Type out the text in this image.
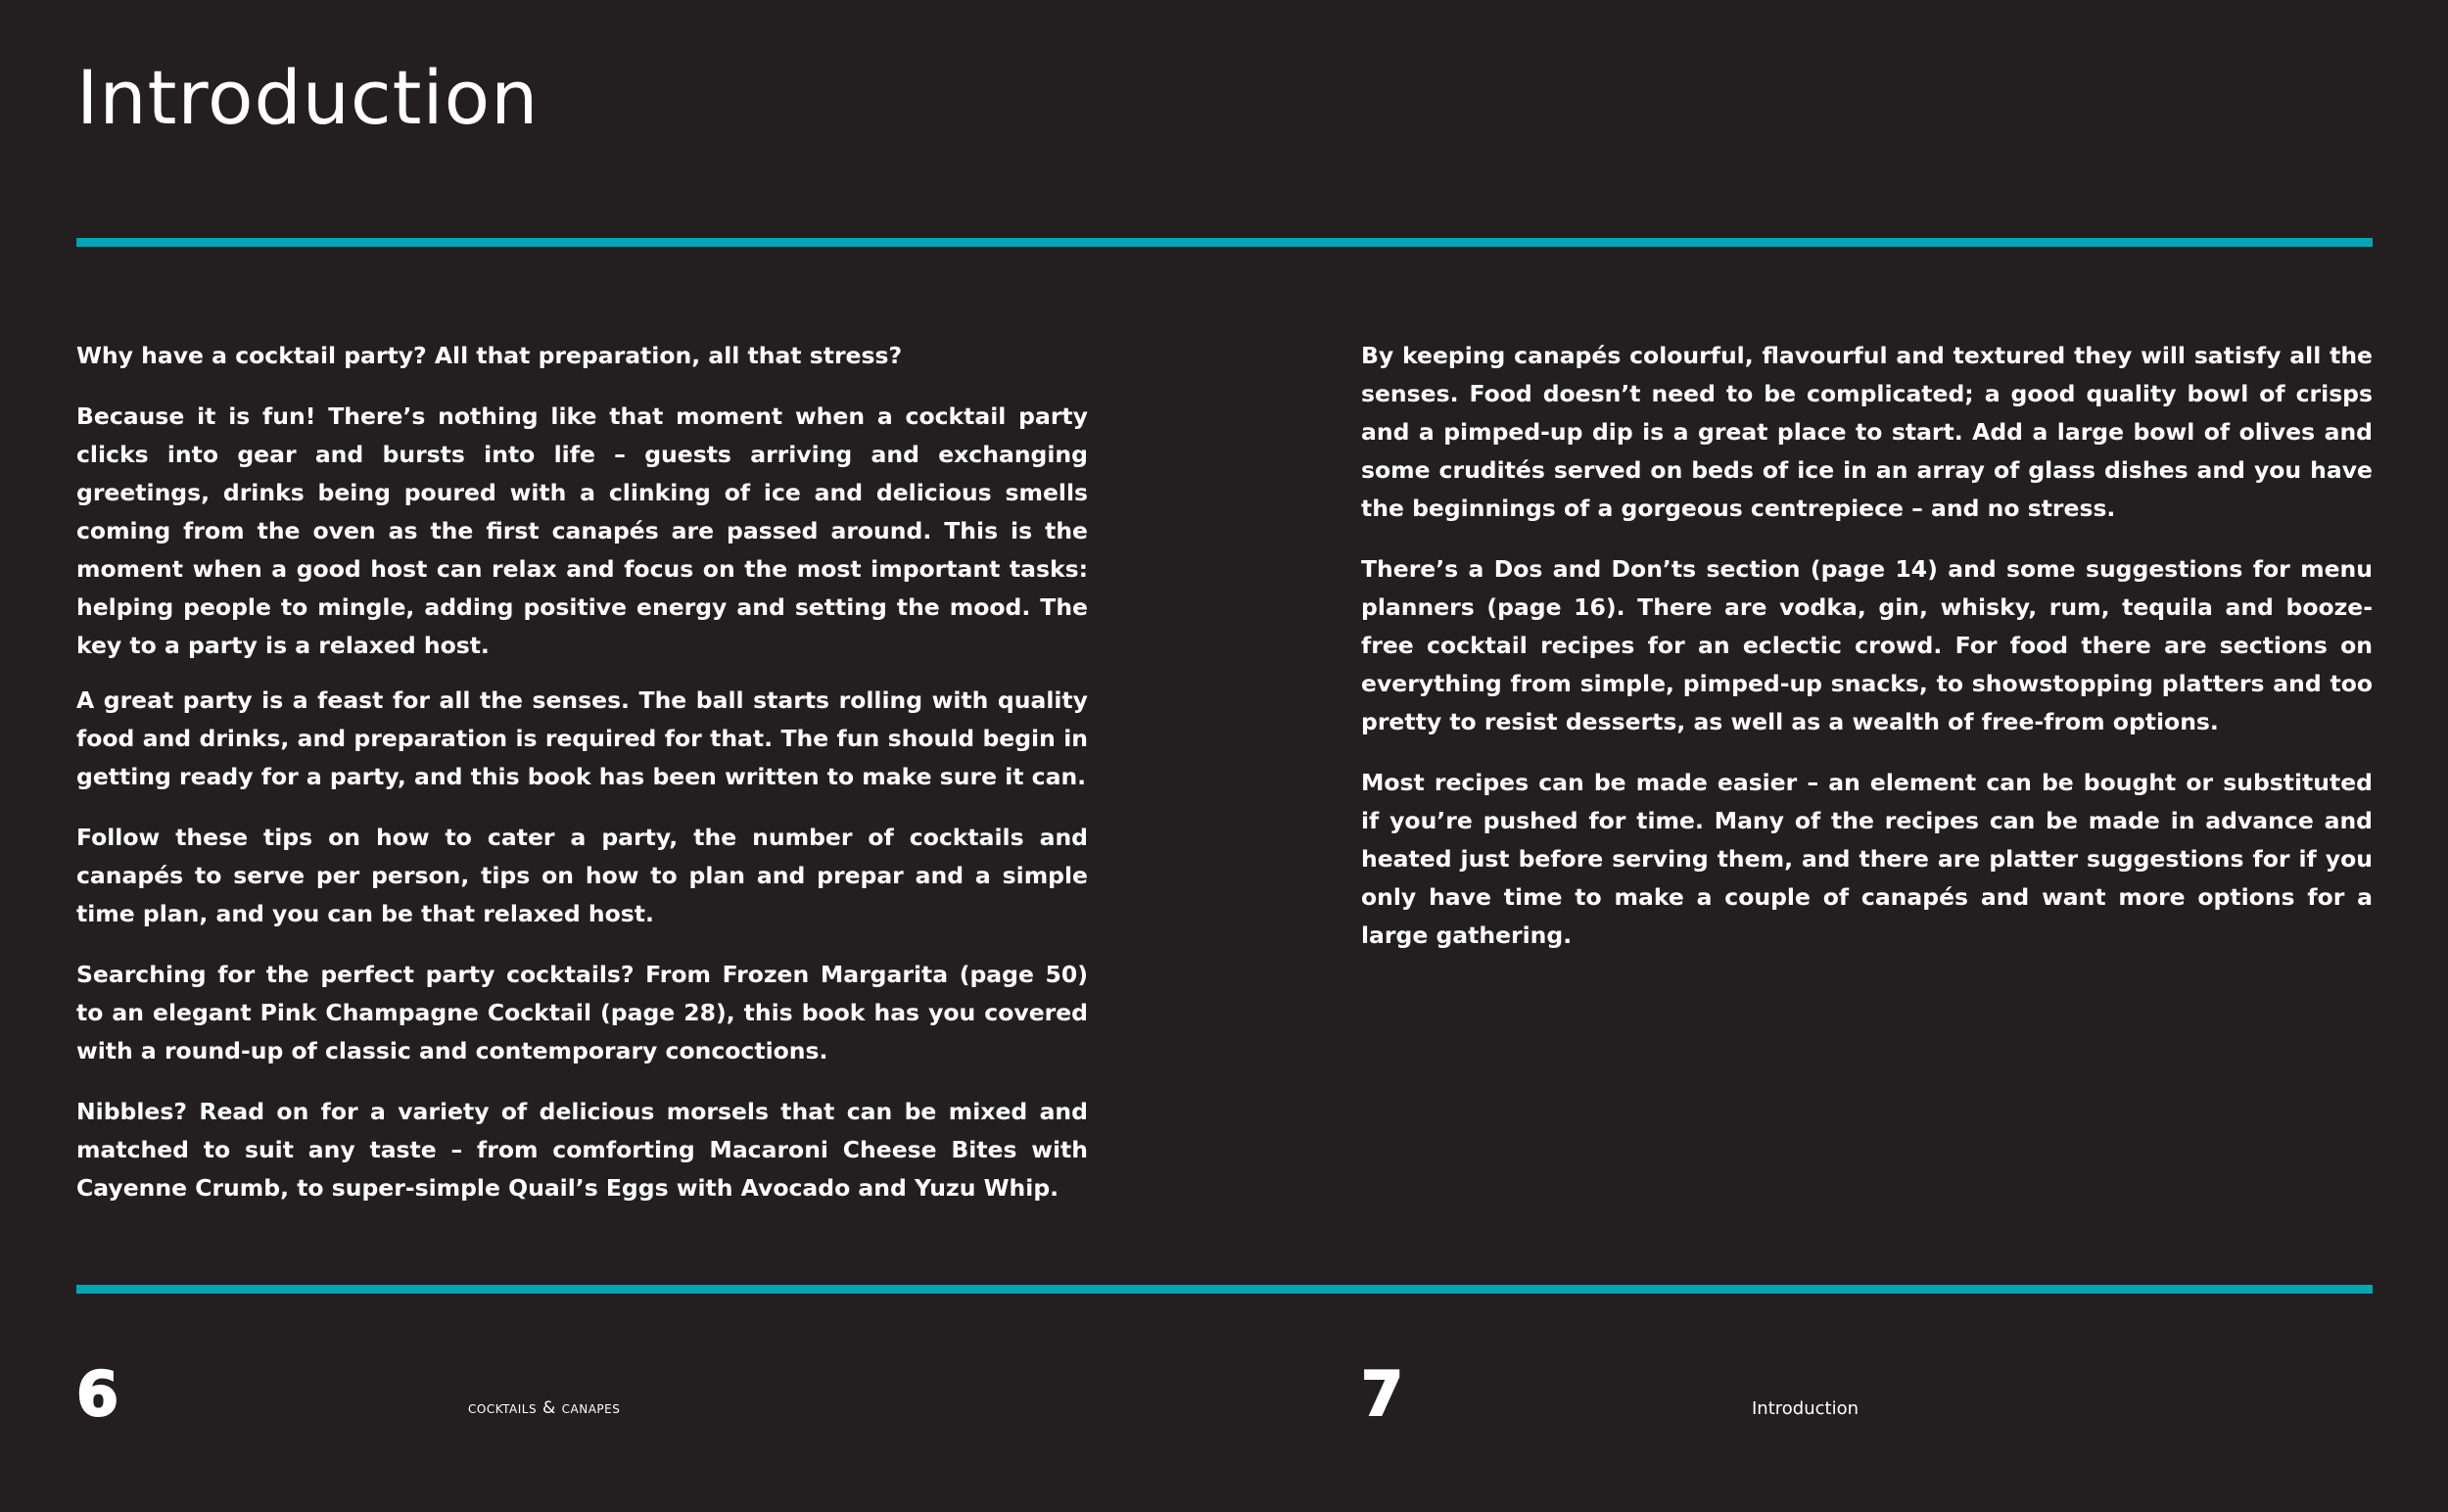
Introduction

Why have a cocktail party? All that preparation, all that stress?

Because it is fun! There’s nothing like that moment when a cocktail party clicks into gear and bursts into life – guests arriving and exchanging greetings, drinks being poured with a clinking of ice and delicious smells coming from the oven as the first canapés are passed around. This is the moment when a good host can relax and focus on the most important tasks: helping people to mingle, adding positive energy and setting the mood. The key to a party is a relaxed host.

A great party is a feast for all the senses. The ball starts rolling with quality food and drinks, and preparation is required for that. The fun should begin in getting ready for a party, and this book has been written to make sure it can.

Follow these tips on how to cater a party, the number of cocktails and canapés to serve per person, tips on how to plan and prepar and a simple time plan, and you can be that relaxed host.

Searching for the perfect party cocktails? From Frozen Margarita (page 50) to an elegant Pink Champagne Cocktail (page 28), this book has you covered with a round-up of classic and contemporary concoctions.

Nibbles? Read on for a variety of delicious morsels that can be mixed and matched to suit any taste – from comforting Macaroni Cheese Bites with Cayenne Crumb, to super-simple Quail’s Eggs with Avocado and Yuzu Whip.

By keeping canapés colourful, flavourful and textured they will satisfy all the senses. Food doesn’t need to be complicated; a good quality bowl of crisps and a pimped-up dip is a great place to start. Add a large bowl of olives and some crudités served on beds of ice in an array of glass dishes and you have the beginnings of a gorgeous centrepiece – and no stress.

There’s a Dos and Don’ts section (page 14) and some suggestions for menu planners (page 16). There are vodka, gin, whisky, rum, tequila and booze-free cocktail recipes for an eclectic crowd. For food there are sections on everything from simple, pimped-up snacks, to showstopping platters and too pretty to resist desserts, as well as a wealth of free-from options.

Most recipes can be made easier – an element can be bought or substituted if you’re pushed for time. Many of the recipes can be made in advance and heated just before serving them, and there are platter suggestions for if you only have time to make a couple of canapés and want more options for a large gathering.

6	cocktails & canapes	7	Introduction
